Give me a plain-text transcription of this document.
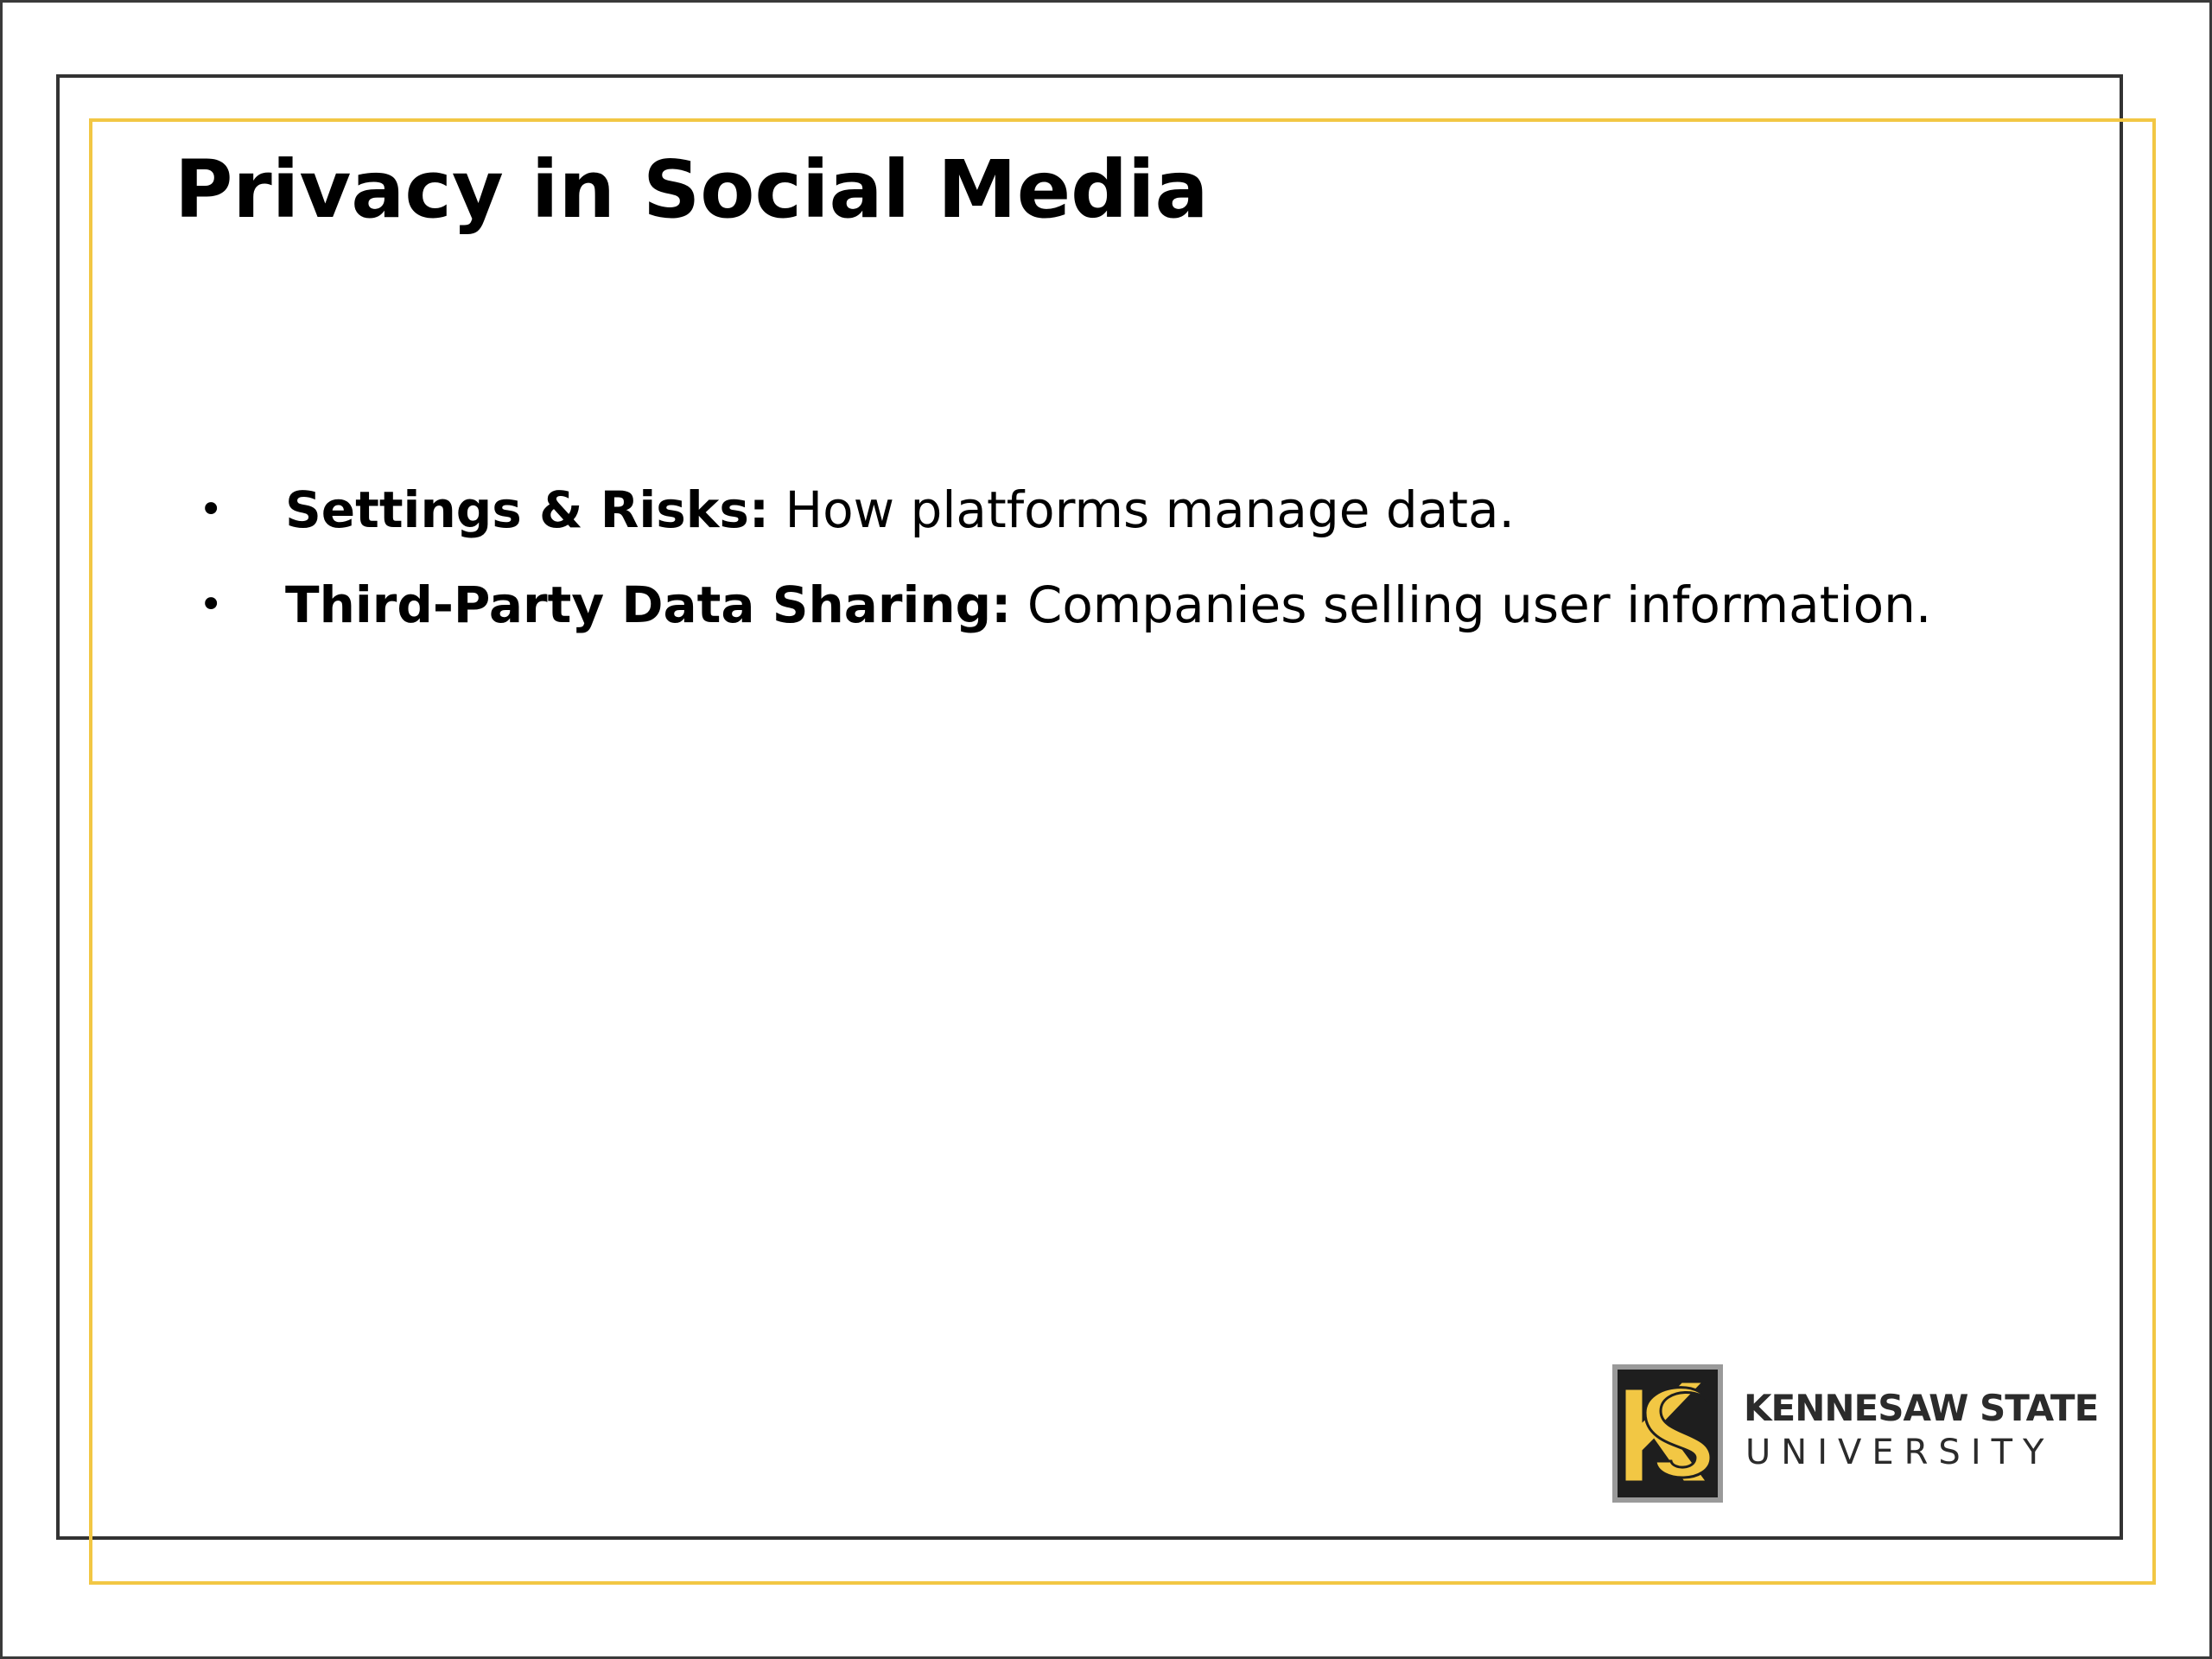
Privacy in Social Media
• Settings & Risks: How platforms manage data.
• Third-Party Data Sharing: Companies selling user information.
KENNESAW STATE
UNIVERSITY
